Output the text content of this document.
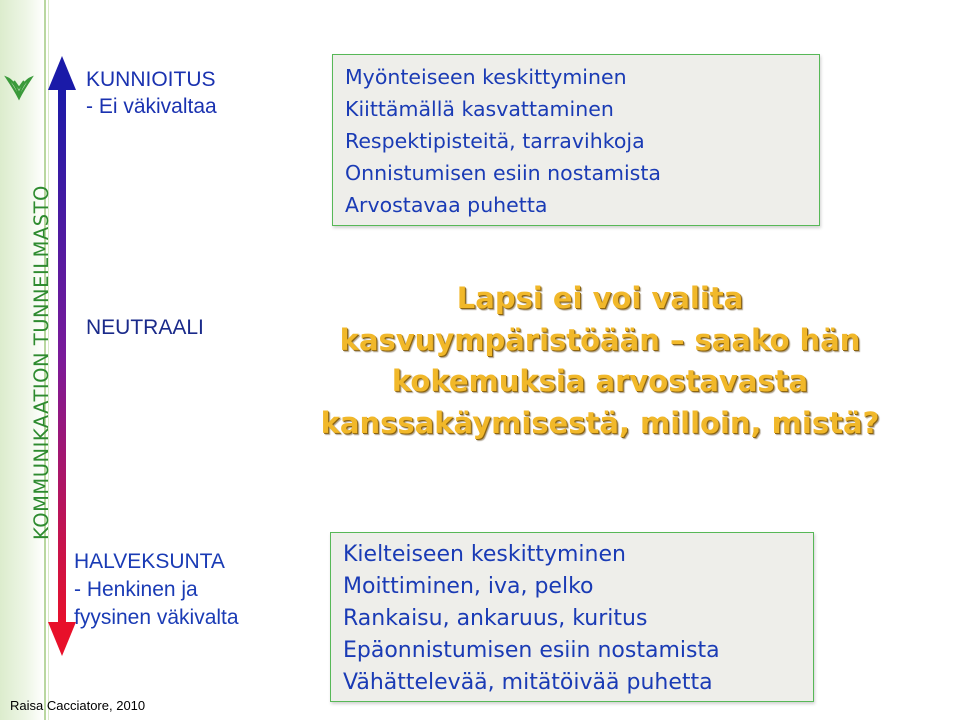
KOMMUNIKAATION TUNNEILMASTO
KUNNIOITUS
- Ei väkivaltaa
NEUTRAALI
HALVEKSUNTA
- Henkinen ja
fyysinen väkivalta
Myönteiseen keskittyminen
Kiittämällä kasvattaminen
Respektipisteitä, tarravihkoja
Onnistumisen esiin nostamista
Arvostavaa puhetta
Lapsi ei voi valita
kasvuympäristöään – saako hän
kokemuksia arvostavasta
kanssakäymisestä, milloin, mistä?
Kielteiseen keskittyminen
Moittiminen, iva, pelko
Rankaisu, ankaruus, kuritus
Epäonnistumisen esiin nostamista
Vähättelevää, mitätöivää puhetta
Raisa Cacciatore, 2010
